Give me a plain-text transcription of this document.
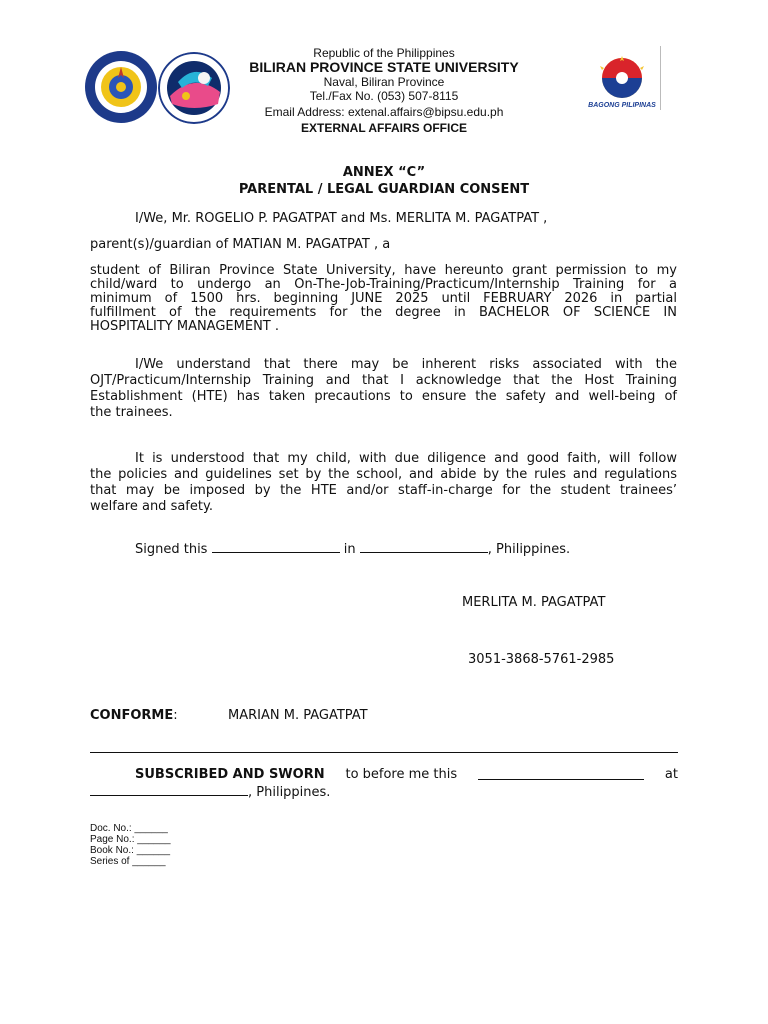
BAGONG PILIPINAS
Republic of the Philippines
BILIRAN PROVINCE STATE UNIVERSITY
Naval, Biliran Province
Tel./Fax No. (053) 507-8115
Email Address: extenal.affairs@bipsu.edu.ph
EXTERNAL AFFAIRS OFFICE
ANNEX “C”
PARENTAL / LEGAL GUARDIAN CONSENT
I/We, Mr. ROGELIO P. PAGATPAT and Ms. MERLITA M. PAGATPAT ,
parent(s)/guardian of MATIAN M. PAGATPAT , a
student of Biliran Province State University, have hereunto grant permission to my
child/ward to undergo an On-The-Job-Training/Practicum/Internship Training for a
minimum of 1500 hrs. beginning JUNE 2025 until FEBRUARY 2026 in partial
fulfillment of the requirements for the degree in BACHELOR OF SCIENCE IN
HOSPITALITY MANAGEMENT .
I/We understand that there may be inherent risks associated with the
OJT/Practicum/Internship Training and that I acknowledge that the Host Training
Establishment (HTE) has taken precautions to ensure the safety and well-being of
the trainees.
It is understood that my child, with due diligence and good faith, will follow
the policies and guidelines set by the school, and abide by the rules and regulations
that may be imposed by the HTE and/or staff-in-charge for the student trainees’
welfare and safety.
Signed this	in	, Philippines.
MERLITA M. PAGATPAT
3051-3868-5761-2985
CONFORME:	MARIAN M. PAGATPAT
SUBSCRIBED AND SWORN to before me this	at
, Philippines.
Doc. No.: ______
Page No.: ______
Book No.: ______
Series of ______
